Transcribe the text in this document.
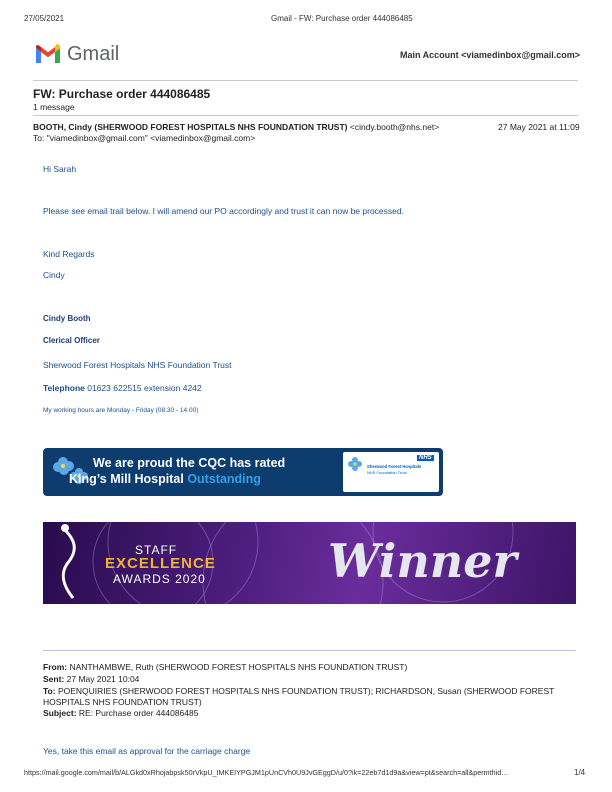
27/05/2021	Gmail - FW: Purchase order 444086485
Gmail	Main Account <viamedinbox@gmail.com>
FW: Purchase order 444086485
1 message
BOOTH, Cindy (SHERWOOD FOREST HOSPITALS NHS FOUNDATION TRUST) <cindy.booth@nhs.net>	27 May 2021 at 11:09
To: "viamedinbox@gmail.com" <viamedinbox@gmail.com>
Hi Sarah
Please see email trail below. I will amend our PO accordingly and trust it can now be processed.
Kind Regards
Cindy
Cindy Booth
Clerical Officer
Sherwood Forest Hospitals NHS Foundation Trust
Telephone 01623 622515 extension 4242
My working hours are Monday - Friday (08.30 - 14.00)
We are proud the CQC has rated
King’s Mill Hospital Outstanding
NHS
Sherwood Forest Hospitals
NHS Foundation Trust
STAFF
EXCELLENCE
AWARDS 2020	Winner
From: NANTHAMBWE, Ruth (SHERWOOD FOREST HOSPITALS NHS FOUNDATION TRUST)
Sent: 27 May 2021 10:04
To: POENQUIRIES (SHERWOOD FOREST HOSPITALS NHS FOUNDATION TRUST); RICHARDSON, Susan (SHERWOOD FOREST
HOSPITALS NHS FOUNDATION TRUST)
Subject: RE: Purchase order 444086485
Yes, take this email as approval for the carriage charge
https://mail.google.com/mail/b/ALGkd0xRhojabpsk50rVkpU_IMKEIYPGJM1pUnCVh0U9JvGEggD/u/0?ik=22eb7d1d9a&view=pt&search=all&permthid…	1/4
